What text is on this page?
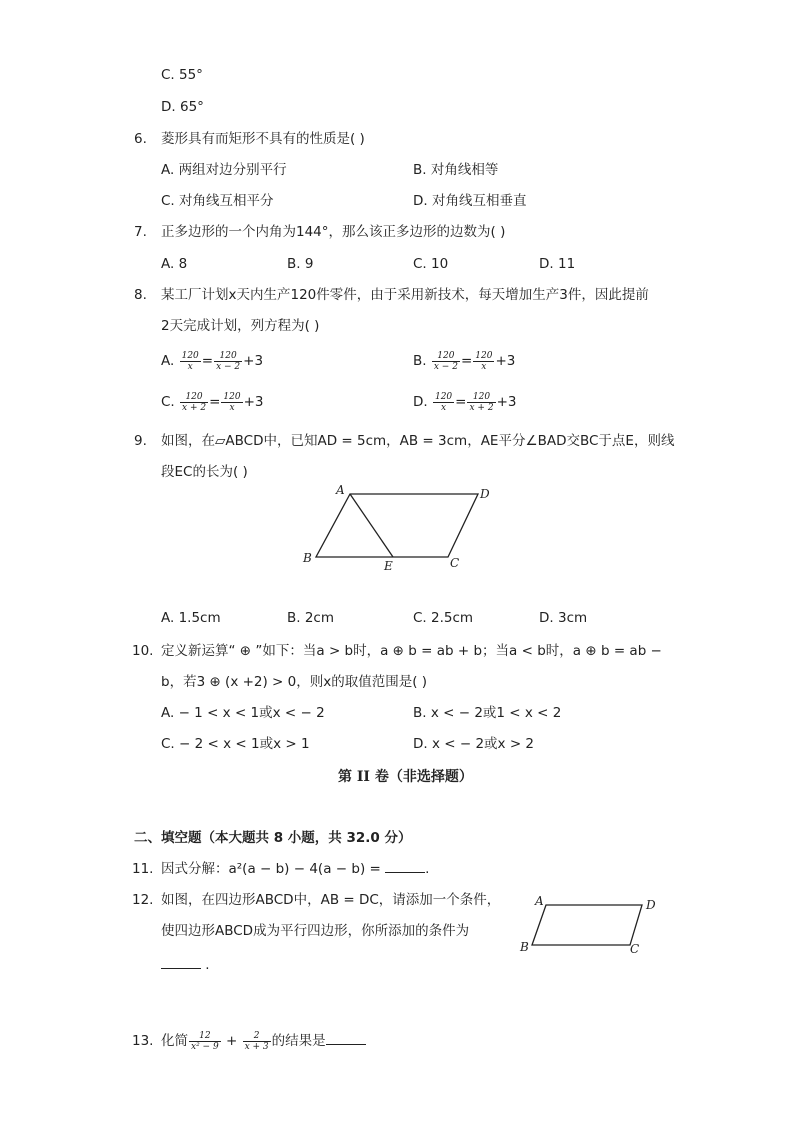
C. 55°
D. 65°
6. 菱形具有而矩形不具有的性质是( )
A. 两组对边分别平行	B. 对角线相等
C. 对角线互相平分	D. 对角线互相垂直
7. 正多边形的一个内角为144°，那么该正多边形的边数为( )
A. 8	B. 9	C. 10	D. 11
8. 某工厂计划x天内生产120件零件，由于采用新技术，每天增加生产3件，因此提前
2天完成计划，列方程为( )
A. $\frac{120}{x} = \frac{120}{x - 2} +3$	B. $\frac{120}{x - 2} = \frac{120}{x} +3$
C. $\frac{120}{x + 2} = \frac{120}{x} +3$	D. $\frac{120}{x} = \frac{120}{x + 2} +3$
9. 如图，在▱ABCD中，已知AD = 5cm，AB = 3cm，AE平分∠BAD交BC于点E，则线
段EC的长为( )
A	D
B
E	C
A. 1.5cm	B. 2cm	C. 2.5cm	D. 3cm
10. 定义新运算“ ⊕ ”如下：当a > b时，a ⊕ b = ab + b；当a < b时，a ⊕ b = ab −
b，若3 ⊕ (x +2) > 0，则x的取值范围是( )
A. − 1 < x < 1或x < − 2	B. x < − 2或1 < x < 2
C. − 2 < x < 1或x > 1	D. x < − 2或x > 2
第 II 卷（非选择题）
二、填空题（本大题共 8 小题，共 32.0 分）
11. 因式分解：a²(a − b) − 4(a − b) =	.
12. 如图，在四边形ABCD中，AB = DC，请添加一个条件，
使四边形ABCD成为平行四边形，你所添加的条件为
.
A	D
B	C
13. 化简 $\frac{12}{\text{x² − 9}} + \frac{2}{x + 3}$ 的结果是
